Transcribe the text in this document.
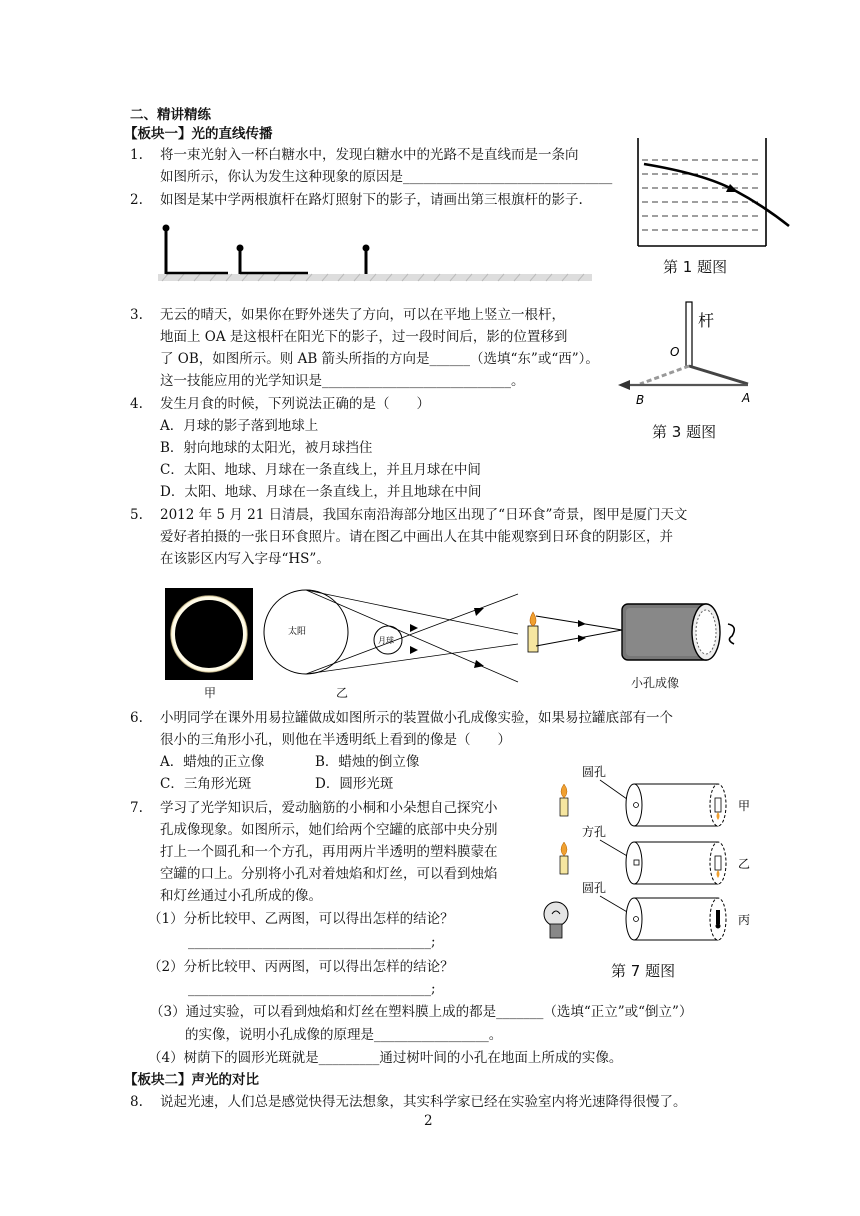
二、精讲精练
【板块一】光的直线传播
1. 将一束光射入一杯白糖水中，发现白糖水中的光路不是直线而是一条向
如图所示，你认为发生这种现象的原因是_______________________________
2. 如图是某中学两根旗杆在路灯照射下的影子，请画出第三根旗杆的影子.
第 1 题图
3. 无云的晴天，如果你在野外迷失了方向，可以在平地上竖立一根杆，
地面上 OA 是这根杆在阳光下的影子，过一段时间后，影的位置移到
了 OB，如图所示。则 AB 箭头所指的方向是______（选填“东”或“西”）。
这一技能应用的光学知识是____________________________。
杆
O
A
B
第 3 题图
4. 发生月食的时候，下列说法正确的是（　　）
A．月球的影子落到地球上
B．射向地球的太阳光，被月球挡住
C．太阳、地球、月球在一条直线上，并且月球在中间
D．太阳、地球、月球在一条直线上，并且地球在中间
5. 2012 年 5 月 21 日清晨，我国东南沿海部分地区出现了“日环食”奇景，图甲是厦门天文
爱好者拍摄的一张日环食照片。请在图乙中画出人在其中能观察到日环食的阴影区，并
在该影区内写入字母“HS”。
甲
太阳
月球
乙
小孔成像
6. 小明同学在课外用易拉罐做成如图所示的装置做小孔成像实验，如果易拉罐底部有一个
很小的三角形小孔，则他在半透明纸上看到的像是（　　）
A．蜡烛的正立像	B．蜡烛的倒立像
C．三角形光斑	D．圆形光斑
7. 学习了光学知识后，爱动脑筋的小桐和小朵想自己探究小
孔成像现象。如图所示，她们给两个空罐的底部中央分别
打上一个圆孔和一个方孔，再用两片半透明的塑料膜蒙在
空罐的口上。分别将小孔对着烛焰和灯丝，可以看到烛焰
和灯丝通过小孔所成的像。
（1）分析比较甲、乙两图，可以得出怎样的结论？
____________________________________;
（2）分析比较甲、丙两图，可以得出怎样的结论？
____________________________________;
（3）通过实验，可以看到烛焰和灯丝在塑料膜上成的都是_______（选填“正立”或“倒立”）
的实像，说明小孔成像的原理是_________________。
（4）树荫下的圆形光斑就是_________通过树叶间的小孔在地面上所成的实像。
圆孔
甲
方孔
乙
圆孔
丙
第 7 题图
【板块二】声光的对比
8. 说起光速，人们总是感觉快得无法想象，其实科学家已经在实验室内将光速降得很慢了。
2
